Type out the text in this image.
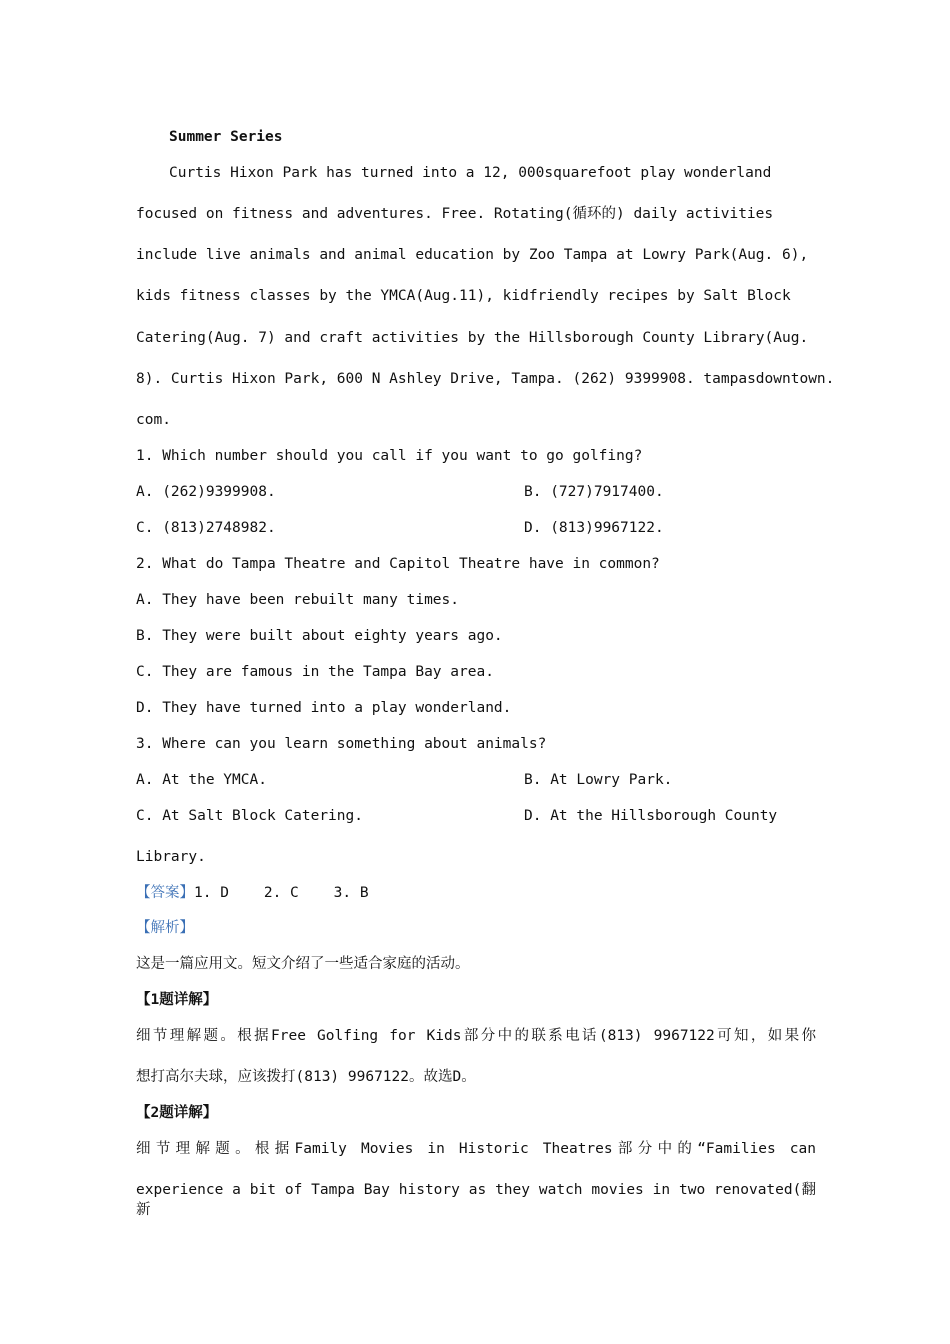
Summer Series
Curtis Hixon Park has turned into a 12, 000squarefoot play wonderland
focused on fitness and adventures. Free. Rotating(循环的) daily activities
include live animals and animal education by Zoo Tampa at Lowry Park(Aug. 6),
kids fitness classes by the YMCA(Aug.11), kidfriendly recipes by Salt Block
Catering(Aug. 7) and craft activities by the Hillsborough County Library(Aug.
8). Curtis Hixon Park, 600 N Ashley Drive, Tampa. (262) 9399908. tampasdowntown.
com.
1. Which number should you call if you want to go golfing?
A. (262)9399908.	B. (727)7917400.
C. (813)2748982.	D. (813)9967122.
2. What do Tampa Theatre and Capitol Theatre have in common?
A. They have been rebuilt many times.
B. They were built about eighty years ago.
C. They are famous in the Tampa Bay area.
D. They have turned into a play wonderland.
3. Where can you learn something about animals?
A. At the YMCA.	B. At Lowry Park.
C. At Salt Block Catering.	D. At the Hillsborough County
Library.
【答案】1. D    2. C    3. B
【解析】
这是一篇应用文。短文介绍了一些适合家庭的活动。
【1题详解】
细节理解题。根据Free Golfing for Kids部分中的联系电话(813) 9967122可知，如果你
想打高尔夫球，应该拨打(813) 9967122。故选D。
【2题详解】
细节理解题。根据Family Movies in Historic Theatres部分中的“Families can
experience a bit of Tampa Bay history as they watch movies in two renovated(翻新
